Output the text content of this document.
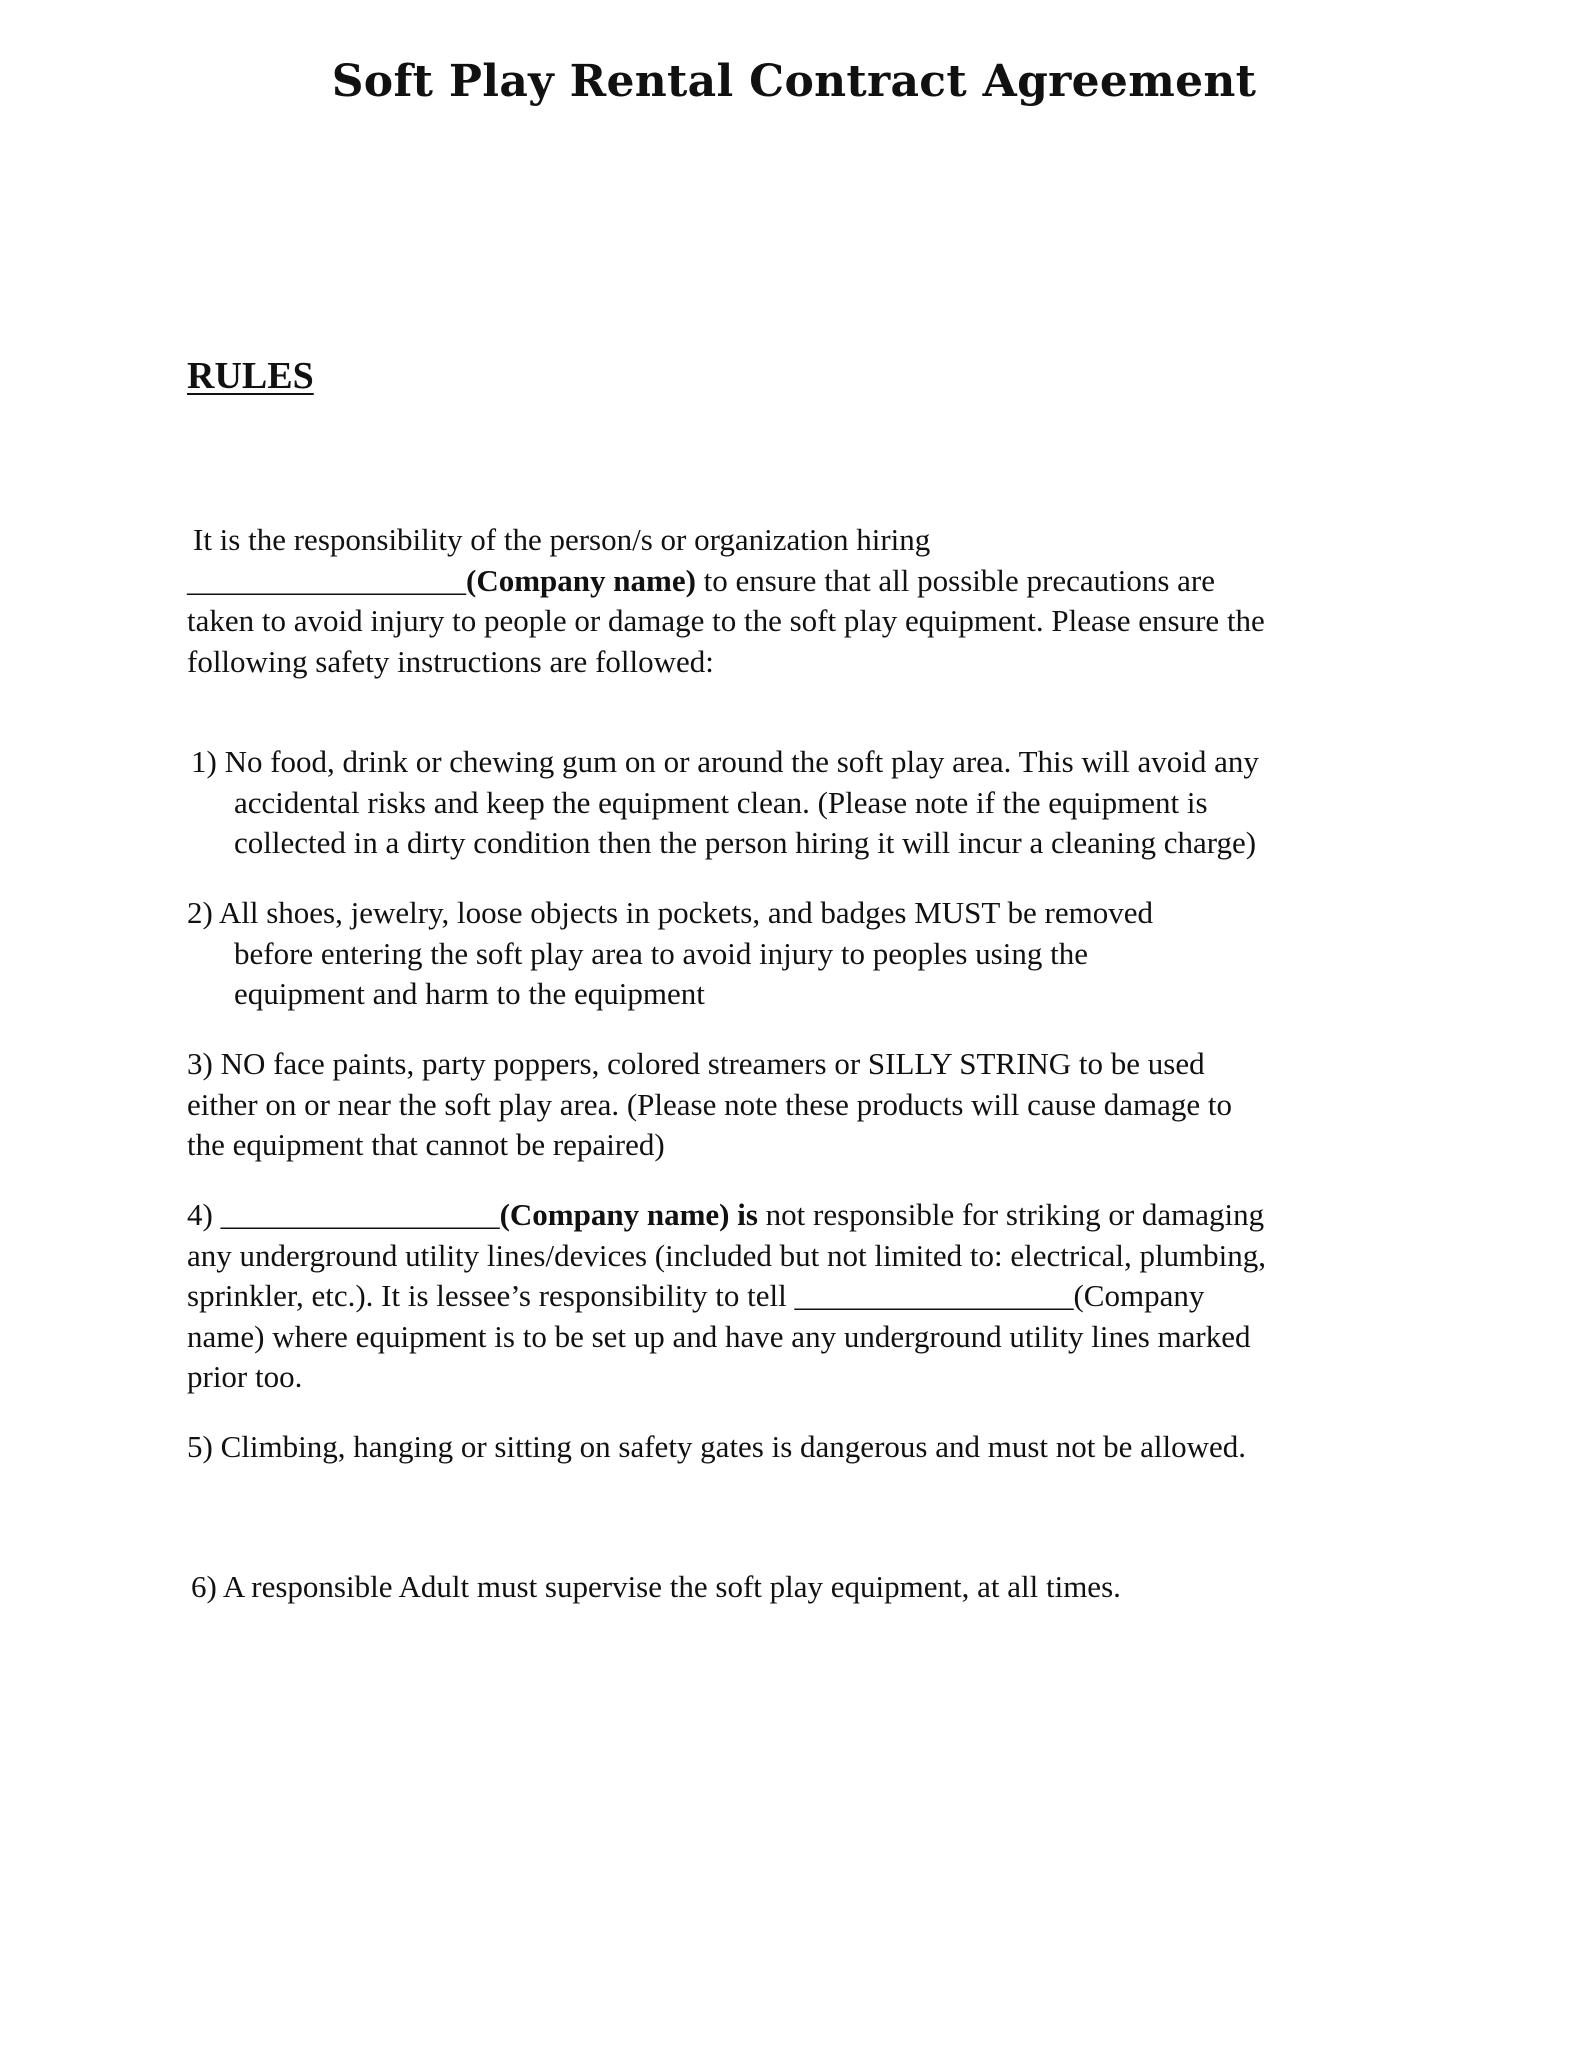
Soft Play Rental Contract Agreement
RULES
It is the responsibility of the person/s or organization hiring
__________________(Company name) to ensure that all possible precautions are
taken to avoid injury to people or damage to the soft play equipment. Please ensure the
following safety instructions are followed:
1) No food, drink or chewing gum on or around the soft play area. This will avoid any
accidental risks and keep the equipment clean. (Please note if the equipment is
collected in a dirty condition then the person hiring it will incur a cleaning charge)
2) All shoes, jewelry, loose objects in pockets, and badges MUST be removed
before entering the soft play area to avoid injury to peoples using the
equipment and harm to the equipment
3) NO face paints, party poppers, colored streamers or SILLY STRING to be used
either on or near the soft play area. (Please note these products will cause damage to
the equipment that cannot be repaired)
4) __________________(Company name) is not responsible for striking or damaging
any underground utility lines/devices (included but not limited to: electrical, plumbing,
sprinkler, etc.). It is lessee’s responsibility to tell __________________(Company
name) where equipment is to be set up and have any underground utility lines marked
prior too.
5) Climbing, hanging or sitting on safety gates is dangerous and must not be allowed.
6) A responsible Adult must supervise the soft play equipment, at all times.
